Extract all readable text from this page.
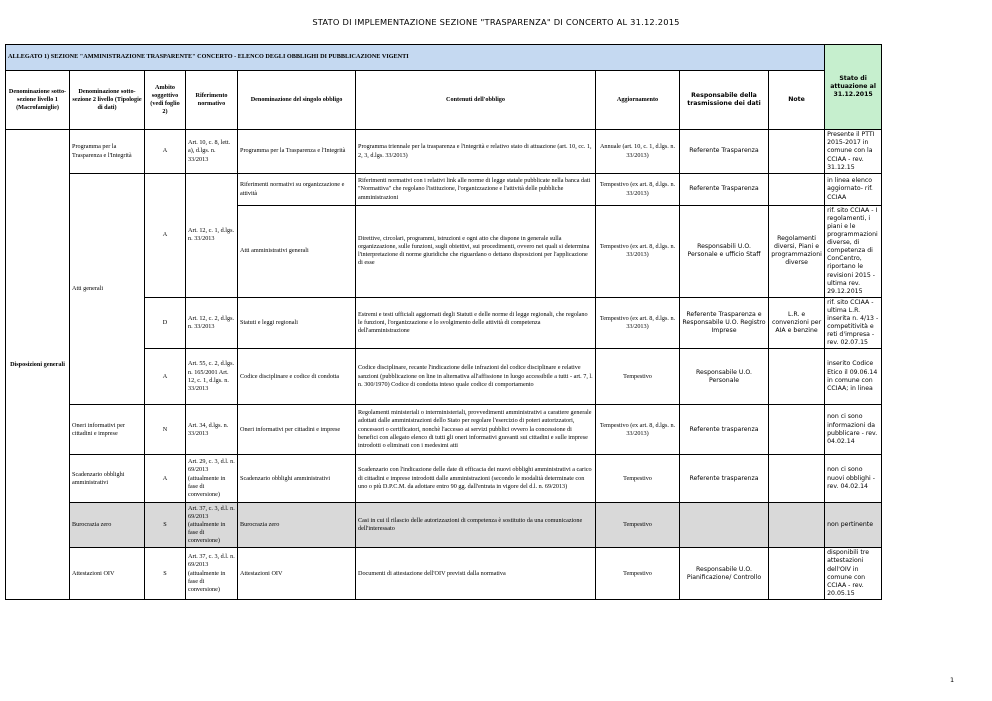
STATO DI IMPLEMENTAZIONE SEZIONE "TRASPARENZA" DI CONCERTO AL 31.12.2015
ALLEGATO 1) SEZIONE "AMMINISTRAZIONE TRASPARENTE" CONCERTO - ELENCO DEGLI OBBLIGHI DI PUBBLICAZIONE VIGENTI									Stato di attuazione al 31.12.2015
Denominazione sotto-sezione livello 1 (Macrofamiglie)	Denominazione sotto-sezione 2 livello (Tipologie di dati)	Ambito soggettivo (vedi foglio 2)	Riferimento normativo	Denominazione del singolo obbligo	Contenuti dell'obbligo	Aggiornamento	Responsabile della trasmissione dei dati	Note	
Disposizioni generali	Programma per la Trasparenza e l'Integrità	A	Art. 10, c. 8, lett. a), d.lgs. n. 33/2013	Programma per la Trasparenza e l'Integrità	Programma triennale per la trasparenza e l'integrità e relativo stato di attuazione (art. 10, cc. 1, 2, 3, d.lgs. 33/2013)	Annuale (art. 10, c. 1, d.lgs. n. 33/2013)	Referente Trasparenza		Presente il PTTI 2015-2017 in comune con la CCIAA - rev. 31.12.15
	Atti generali	A	Art. 12, c. 1, d.lgs. n. 33/2013	Riferimenti normativi su organizzazione e attività	Riferimenti normativi con i relativi link alle norme di legge statale pubblicate nella banca dati "Normattiva" che regolano l'istituzione, l'organizzazione e l'attività delle pubbliche amministrazioni	Tempestivo (ex art. 8, d.lgs. n. 33/2013)	Referente Trasparenza		in linea elenco aggiornato- rif. CCIAA
				Atti amministrativi generali	Direttive, circolari, programmi, istruzioni e ogni atto che dispone in generale sulla organizzazione, sulle funzioni, sugli obiettivi, sui procedimenti, ovvero nei quali si determina l'interpretazione di norme giuridiche che riguardano o dettano disposizioni per l'applicazione di esse	Tempestivo (ex art. 8, d.lgs. n. 33/2013)	Responsabili U.O. Personale e ufficio Staff	Regolamenti diversi, Piani e programmazioni diverse	rif. sito CCIAA - I regolamenti, i piani e le programmazioni diverse, di competenza di ConCentro, riportano le revisioni 2015 - ultima rev. 29.12.2015
		D	Art. 12, c. 2, d.lgs. n. 33/2013	Statuti e leggi regionali	Estremi e testi ufficiali aggiornati degli Statuti e delle norme di legge regionali, che regolano le funzioni, l'organizzazione e lo svolgimento delle attività di competenza dell'amministrazione	Tempestivo (ex art. 8, d.lgs. n. 33/2013)	Referente Trasparenza e Responsabile U.O. Registro Imprese	L.R. e convenzioni per AIA e benzine	rif. sito CCIAA - ultima L.R. inserita n. 4/13 - competitività e reti d'impresa - rev. 02.07.15
		A	Art. 55, c. 2, d.lgs. n. 165/2001 Art. 12, c. 1, d.lgs. n. 33/2013	Codice disciplinare e codice di condotta	Codice disciplinare, recante l'indicazione delle infrazioni del codice disciplinare e relative sanzioni (pubblicazione on line in alternativa all'affissione in luogo accessibile a tutti - art. 7, l. n. 300/1970) Codice di condotta inteso quale codice di comportamento	Tempestivo	Responsabile U.O. Personale		inserito Codice Etico il 09.06.14 in comune con CCIAA; in linea
	Oneri informativi per cittadini e imprese	N	Art. 34, d.lgs. n. 33/2013	Oneri informativi per cittadini e imprese	Regolamenti ministeriali o interministeriali, provvedimenti amministrativi a carattere generale adottati dalle amministrazioni dello Stato per regolare l'esercizio di poteri autorizzatori, concessori o certificatori, nonchè l'accesso ai servizi pubblici ovvero la concessione di benefici con allegato elenco di tutti gli oneri informativi gravanti sui cittadini e sulle imprese introdotti o eliminati con i medesimi atti	Tempestivo (ex art. 8, d.lgs. n. 33/2013)	Referente trasparenza		non ci sono informazioni da pubblicare - rev. 04.02.14
	Scadenzario obblighi amministrativi	A	Art. 29, c. 3, d.l. n. 69/2013 (attualmente in fase di conversione)	Scadenzario obblighi amministrativi	Scadenzario con l'indicazione delle date di efficacia dei nuovi obblighi amministrativi a carico di cittadini e imprese introdotti dalle amministrazioni (secondo le modalità determinate con uno o più D.P.C.M. da adottare entro 90 gg. dall'entrata in vigore del d.l. n. 69/2013)	Tempestivo	Referente trasparenza		non ci sono nuovi obblighi - rev. 04.02.14
	Burocrazia zero	S	Art. 37, c. 3, d.l. n. 69/2013 (attualmente in fase di conversione)	Burocrazia zero	Casi in cui il rilascio delle autorizzazioni di competenza è sostituito da una comunicazione dell'interessato	Tempestivo			non pertinente
	Attestazioni OIV	S	Art. 37, c. 3, d.l. n. 69/2013 (attualmente in fase di conversione)	Attestazioni OIV	Documenti di attestazione dell'OIV previsti dalla normativa	Tempestivo	Responsabile U.O. Pianificazione/ Controllo		disponibili tre attestazioni dell'OIV in comune con CCIAA - rev. 20.05.15
1
